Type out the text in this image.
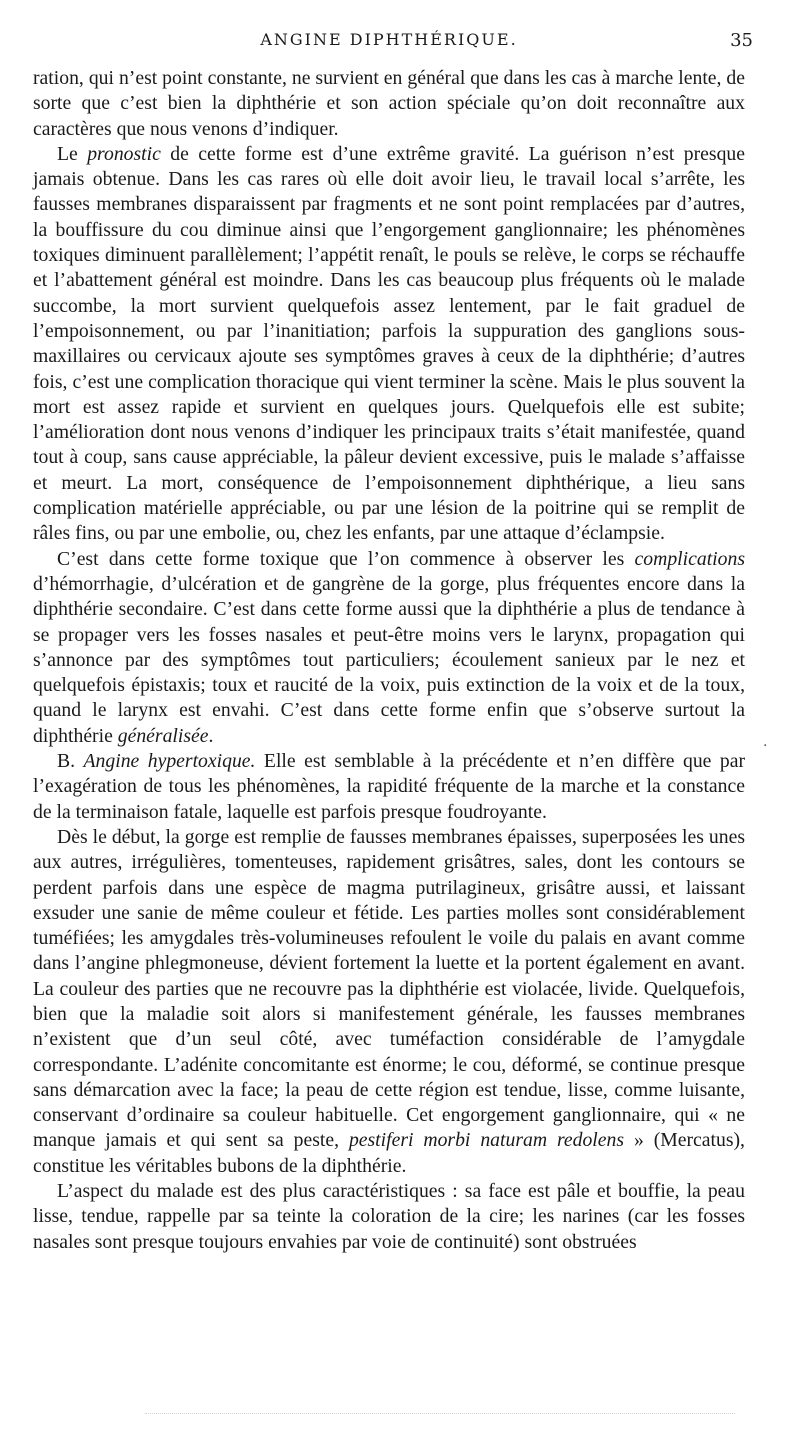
ANGINE DIPHTHÉRIQUE.	35

ration, qui n’est point constante, ne survient en général que dans les cas à marche lente, de sorte que c’est bien la diphthérie et son action spéciale qu’on doit reconnaître aux caractères que nous venons d’indiquer.

Le pronostic de cette forme est d’une extrême gravité. La guérison n’est presque jamais obtenue. Dans les cas rares où elle doit avoir lieu, le travail local s’arrête, les fausses membranes disparaissent par fragments et ne sont point remplacées par d’autres, la bouffissure du cou diminue ainsi que l’engorgement ganglionnaire; les phénomènes toxiques diminuent parallèlement; l’appétit renaît, le pouls se relève, le corps se réchauffe et l’abattement général est moindre. Dans les cas beaucoup plus fréquents où le malade succombe, la mort survient quelquefois assez lentement, par le fait graduel de l’empoisonnement, ou par l’inanitiation; parfois la suppuration des ganglions sous-maxillaires ou cervicaux ajoute ses symptômes graves à ceux de la diphthérie; d’autres fois, c’est une complication thoracique qui vient terminer la scène. Mais le plus souvent la mort est assez rapide et survient en quelques jours. Quelquefois elle est subite; l’amélioration dont nous venons d’indiquer les principaux traits s’était manifestée, quand tout à coup, sans cause appréciable, la pâleur devient excessive, puis le malade s’affaisse et meurt. La mort, conséquence de l’empoisonnement diphthérique, a lieu sans complication matérielle appréciable, ou par une lésion de la poitrine qui se remplit de râles fins, ou par une embolie, ou, chez les enfants, par une attaque d’éclampsie.

C’est dans cette forme toxique que l’on commence à observer les complications d’hémorrhagie, d’ulcération et de gangrène de la gorge, plus fréquentes encore dans la diphthérie secondaire. C’est dans cette forme aussi que la diphthérie a plus de tendance à se propager vers les fosses nasales et peut-être moins vers le larynx, propagation qui s’annonce par des symptômes tout particuliers; écoulement sanieux par le nez et quelquefois épistaxis; toux et raucité de la voix, puis extinction de la voix et de la toux, quand le larynx est envahi. C’est dans cette forme enfin que s’observe surtout la diphthérie généralisée.

B. Angine hypertoxique. Elle est semblable à la précédente et n’en diffère que par l’exagération de tous les phénomènes, la rapidité fréquente de la marche et la constance de la terminaison fatale, laquelle est parfois presque foudroyante.

Dès le début, la gorge est remplie de fausses membranes épaisses, superposées les unes aux autres, irrégulières, tomenteuses, rapidement grisâtres, sales, dont les contours se perdent parfois dans une espèce de magma putrilagineux, grisâtre aussi, et laissant exsuder une sanie de même couleur et fétide. Les parties molles sont considérablement tuméfiées; les amygdales très-volumineuses refoulent le voile du palais en avant comme dans l’angine phlegmoneuse, dévient fortement la luette et la portent également en avant. La couleur des parties que ne recouvre pas la diphthérie est violacée, livide. Quelquefois, bien que la maladie soit alors si manifestement générale, les fausses membranes n’existent que d’un seul côté, avec tuméfaction considérable de l’amygdale correspondante. L’adénite concomitante est énorme; le cou, déformé, se continue presque sans démarcation avec la face; la peau de cette région est tendue, lisse, comme luisante, conservant d’ordinaire sa couleur habituelle. Cet engorgement ganglionnaire, qui « ne manque jamais et qui sent sa peste, pestiferi morbi naturam redolens » (Mercatus), constitue les véritables bubons de la diphthérie.

L’aspect du malade est des plus caractéristiques : sa face est pâle et bouffie, la peau lisse, tendue, rappelle par sa teinte la coloration de la cire; les narines (car les fosses nasales sont presque toujours envahies par voie de continuité) sont obstruées

·
